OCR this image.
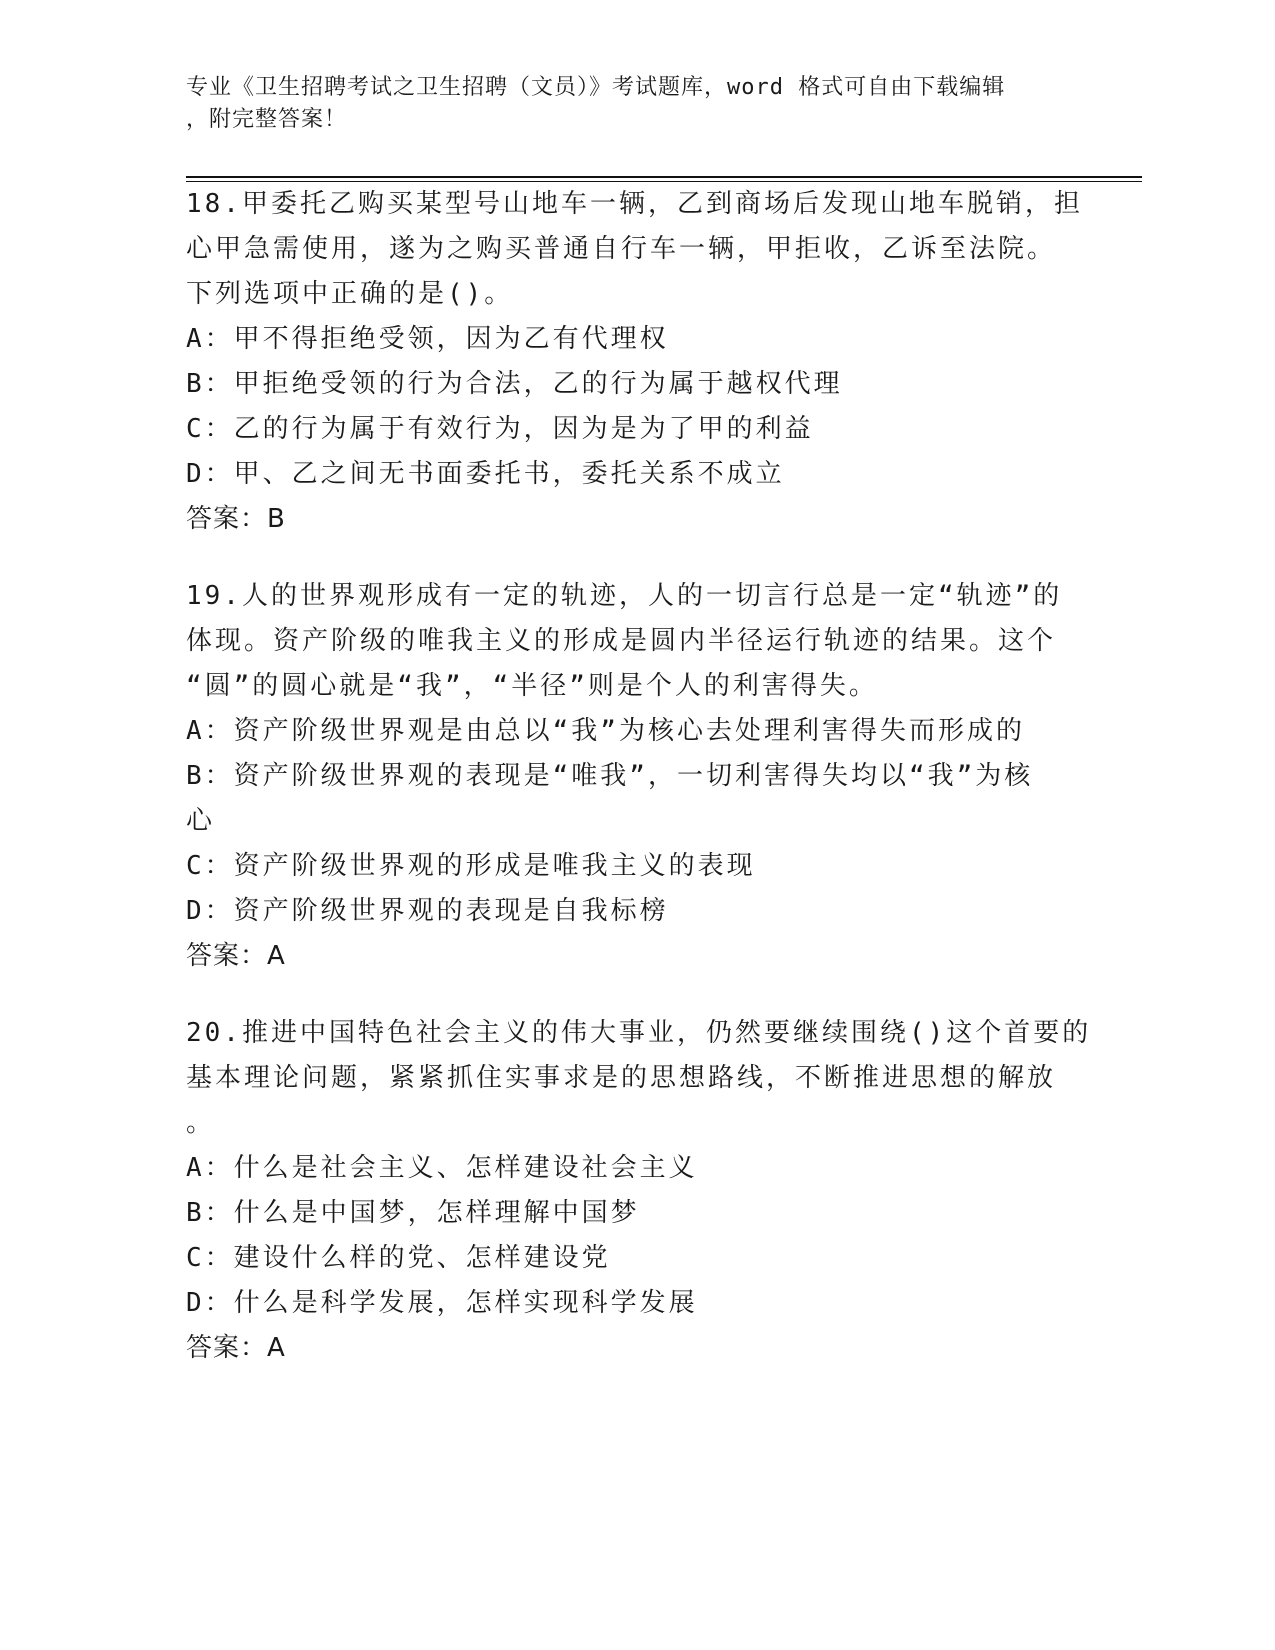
专业《卫生招聘考试之卫生招聘（文员）》考试题库，word 格式可自由下载编辑
，附完整答案！
18.甲委托乙购买某型号山地车一辆，乙到商场后发现山地车脱销，担
心甲急需使用，遂为之购买普通自行车一辆，甲拒收，乙诉至法院。
下列选项中正确的是()。
A：甲不得拒绝受领，因为乙有代理权
B：甲拒绝受领的行为合法，乙的行为属于越权代理
C：乙的行为属于有效行为，因为是为了甲的利益
D：甲、乙之间无书面委托书，委托关系不成立
答案：B
19.人的世界观形成有一定的轨迹，人的一切言行总是一定“轨迹”的
体现。资产阶级的唯我主义的形成是圆内半径运行轨迹的结果。这个
“圆”的圆心就是“我”，“半径”则是个人的利害得失。
A：资产阶级世界观是由总以“我”为核心去处理利害得失而形成的
B：资产阶级世界观的表现是“唯我”，一切利害得失均以“我”为核
心
C：资产阶级世界观的形成是唯我主义的表现
D：资产阶级世界观的表现是自我标榜
答案：A
20.推进中国特色社会主义的伟大事业，仍然要继续围绕()这个首要的
基本理论问题，紧紧抓住实事求是的思想路线，不断推进思想的解放
。
A：什么是社会主义、怎样建设社会主义
B：什么是中国梦，怎样理解中国梦
C：建设什么样的党、怎样建设党
D：什么是科学发展，怎样实现科学发展
答案：A
